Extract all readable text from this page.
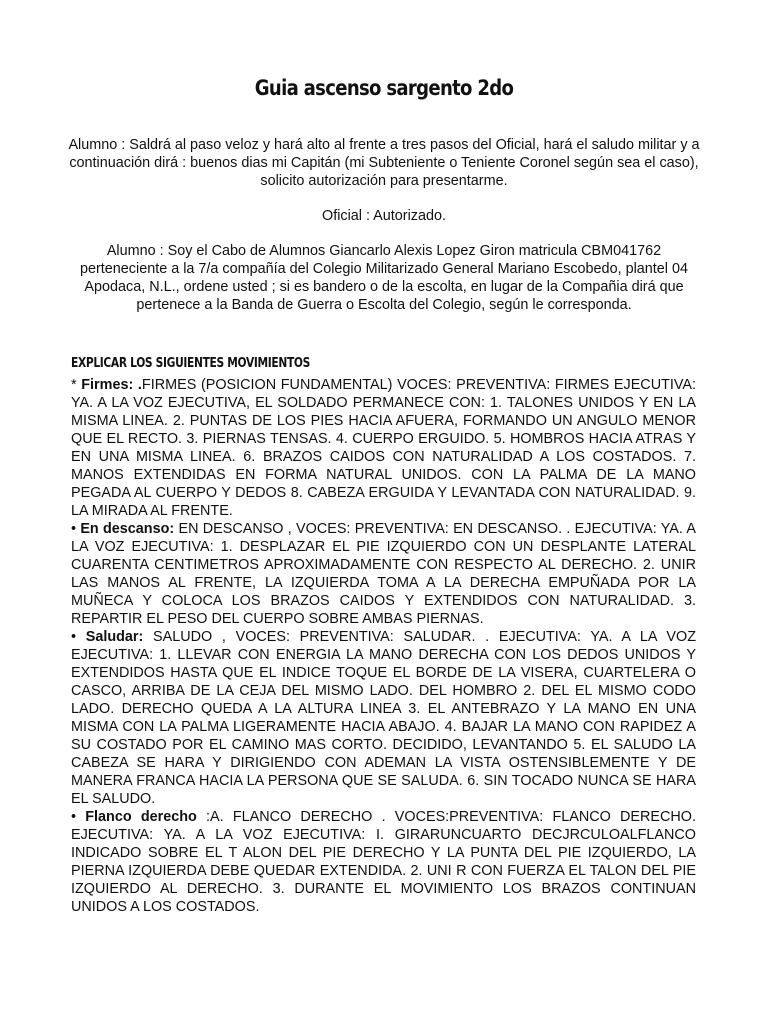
Guia ascenso sargento 2do

Alumno : Saldrá al paso veloz y hará alto al frente a tres pasos del Oficial, hará el saludo militar y a continuación dirá : buenos dias mi Capitán (mi Subteniente o Teniente Coronel según sea el caso), solicito autorización para presentarme.

Oficial : Autorizado.

Alumno : Soy el Cabo de Alumnos Giancarlo Alexis Lopez Giron matricula CBM041762 perteneciente a la 7/a compañía del Colegio Militarizado General Mariano Escobedo, plantel 04 Apodaca, N.L., ordene usted ; si es bandero o de la escolta, en lugar de la Compañia dirá que pertenece a la Banda de Guerra o Escolta del Colegio, según le corresponda.

EXPLICAR LOS SIGUIENTES MOVIMIENTOS

* Firmes: .FIRMES (POSICION FUNDAMENTAL) VOCES: PREVENTIVA: FIRMES EJECUTIVA: YA. A LA VOZ EJECUTIVA, EL SOLDADO PERMANECE CON: 1. TALONES UNIDOS Y EN LA MISMA LINEA. 2. PUNTAS DE LOS PIES HACIA AFUERA, FORMANDO UN ANGULO MENOR QUE EL RECTO. 3. PIERNAS TENSAS. 4. CUERPO ERGUIDO. 5. HOMBROS HACIA ATRAS Y EN UNA MISMA LINEA. 6. BRAZOS CAIDOS CON NATURALIDAD A LOS COSTADOS. 7. MANOS EXTENDIDAS EN FORMA NATURAL UNIDOS. CON LA PALMA DE LA MANO PEGADA AL CUERPO Y DEDOS 8. CABEZA ERGUIDA Y LEVANTADA CON NATURALIDAD. 9. LA MIRADA AL FRENTE.

• En descanso: EN DESCANSO , VOCES: PREVENTIVA: EN DESCANSO. . EJECUTIVA: YA. A LA VOZ EJECUTIVA: 1. DESPLAZAR EL PIE IZQUIERDO CON UN DESPLANTE LATERAL CUARENTA CENTIMETROS APROXIMADAMENTE CON RESPECTO AL DERECHO. 2. UNIR LAS MANOS AL FRENTE, LA IZQUIERDA TOMA A LA DERECHA EMPUÑADA POR LA MUÑECA Y COLOCA LOS BRAZOS CAIDOS Y EXTENDIDOS CON NATURALIDAD. 3. REPARTIR EL PESO DEL CUERPO SOBRE AMBAS PIERNAS.

• Saludar: SALUDO , VOCES: PREVENTIVA: SALUDAR. . EJECUTIVA: YA. A LA VOZ EJECUTIVA: 1. LLEVAR CON ENERGIA LA MANO DERECHA CON LOS DEDOS UNIDOS Y EXTENDIDOS HASTA QUE EL INDICE TOQUE EL BORDE DE LA VISERA, CUARTELERA O CASCO, ARRIBA DE LA CEJA DEL MISMO LADO. DEL HOMBRO 2. DEL EL MISMO CODO LADO. DERECHO QUEDA A LA ALTURA LINEA 3. EL ANTEBRAZO Y LA MANO EN UNA MISMA CON LA PALMA LIGERAMENTE HACIA ABAJO. 4. BAJAR LA MANO CON RAPIDEZ A SU COSTADO POR EL CAMINO MAS CORTO. DECIDIDO, LEVANTANDO 5. EL SALUDO LA CABEZA SE HARA Y DIRIGIENDO CON ADEMAN LA VISTA OSTENSIBLEMENTE Y DE MANERA FRANCA HACIA LA PERSONA QUE SE SALUDA. 6. SIN TOCADO NUNCA SE HARA EL SALUDO.

• Flanco derecho :A. FLANCO DERECHO . VOCES:PREVENTIVA: FLANCO DERECHO. EJECUTIVA: YA. A LA VOZ EJECUTIVA: I. GIRARUNCUARTO DECJRCULOALFLANCO INDICADO SOBRE EL T ALON DEL PIE DERECHO Y LA PUNTA DEL PIE IZQUIERDO, LA PIERNA IZQUIERDA DEBE QUEDAR EXTENDIDA. 2. UNI R CON FUERZA EL TALON DEL PIE IZQUIERDO AL DERECHO. 3. DURANTE EL MOVIMIENTO LOS BRAZOS CONTINUAN UNIDOS A LOS COSTADOS.
